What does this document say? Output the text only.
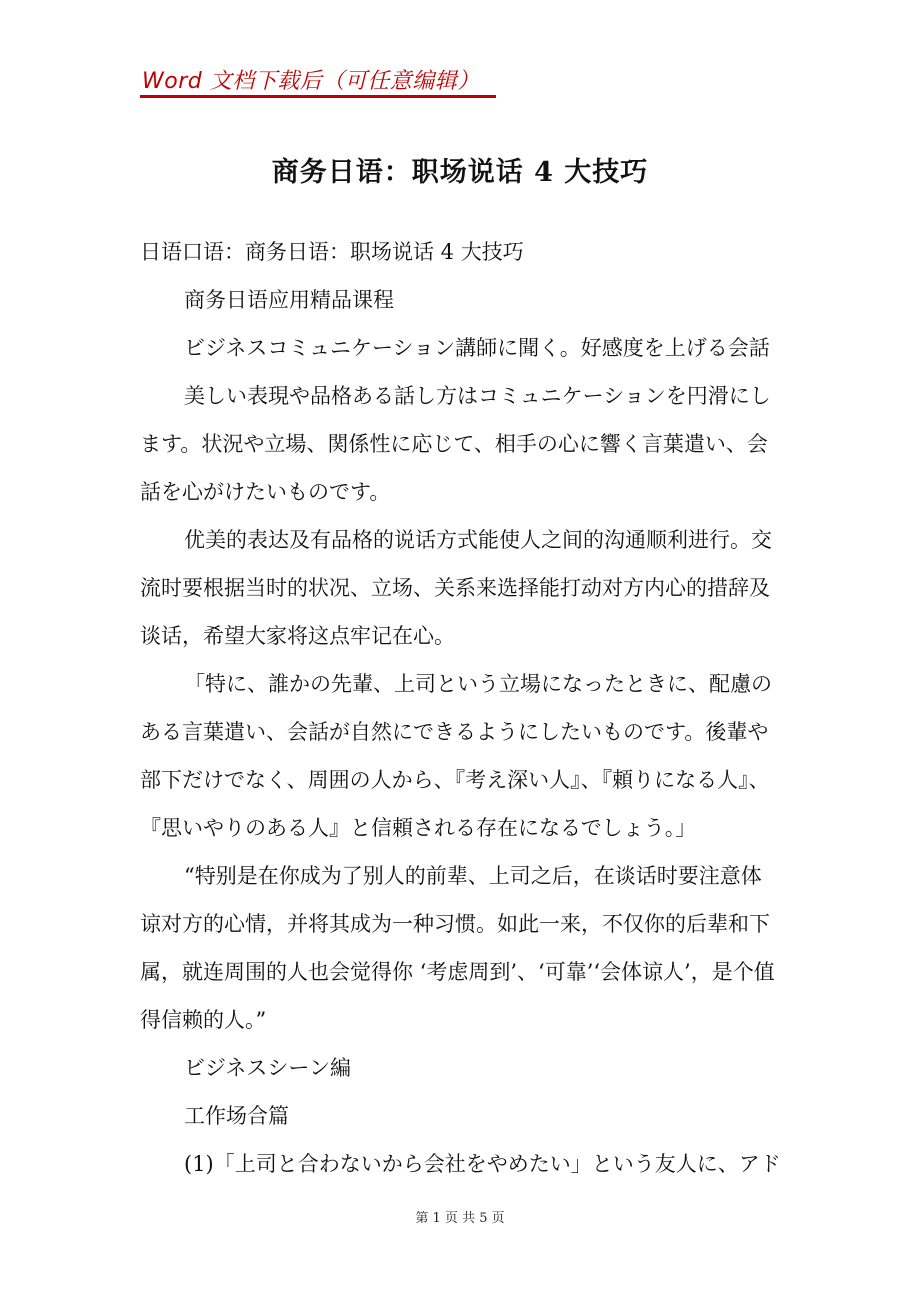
Word 文档下载后（可任意编辑）
商务日语：职场说话 4 大技巧
日语口语：商务日语：职场说话 4 大技巧
商务日语应用精品课程
ビジネスコミュニケーション講師に聞く。好感度を上げる会話
美しい表現や品格ある話し方はコミュニケーションを円滑にし
ます。状況や立場、関係性に応じて、相手の心に響く言葉遣い、会
話を心がけたいものです。
优美的表达及有品格的说话方式能使人之间的沟通顺利进行。交
流时要根据当时的状况、立场、关系来选择能打动对方内心的措辞及
谈话，希望大家将这点牢记在心。
「特に、誰かの先輩、上司という立場になったときに、配慮の
ある言葉遣い、会話が自然にできるようにしたいものです。後輩や
部下だけでなく、周囲の人から、『考え深い人』、『頼りになる人』、
『思いやりのある人』と信頼される存在になるでしょう。」
“特别是在你成为了别人的前辈、上司之后，在谈话时要注意体
谅对方的心情，并将其成为一种习惯。如此一来，不仅你的后辈和下
属，就连周围的人也会觉得你 ‘考虑周到’、‘可靠’‘会体谅人’，是个值
得信赖的人。”
ビジネスシーン編
工作场合篇
(1)「上司と合わないから会社をやめたい」という友人に、アド
第 1 页 共 5 页
